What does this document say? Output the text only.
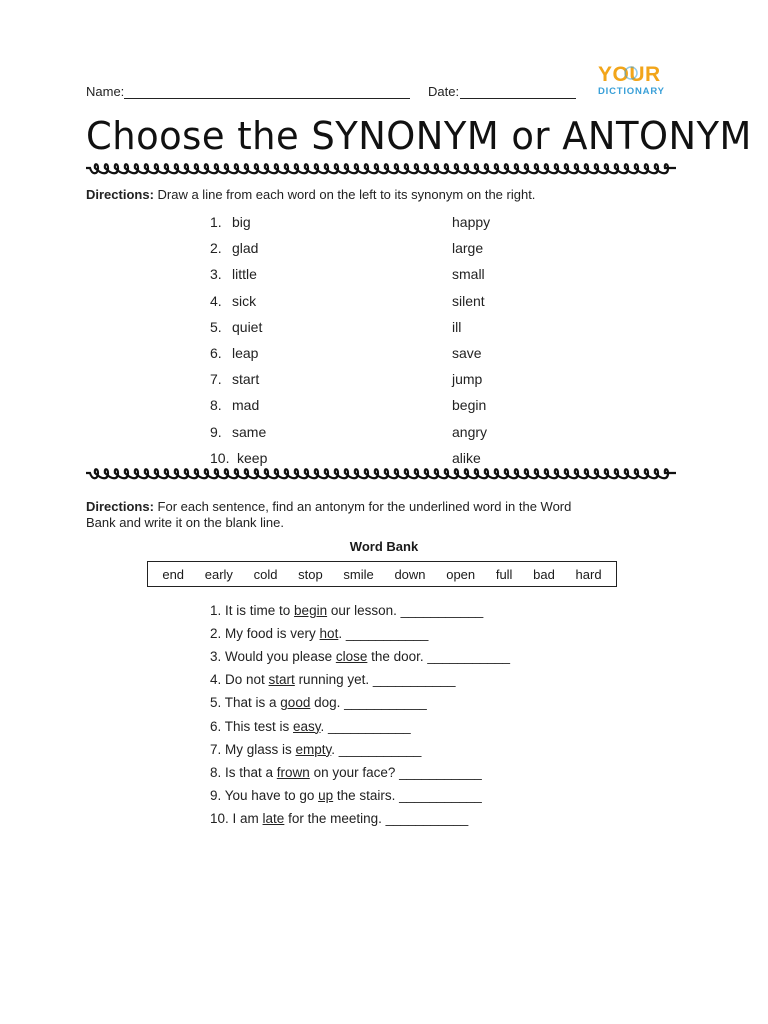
Name:	Date:
YOUR
DICTIONARY
Choose the SYNONYM or ANTONYM
Directions: Draw a line from each word on the left to its synonym on the right.
1. big	happy
2. glad	large
3. little	small
4. sick	silent
5. quiet	ill
6. leap	save
7. start	jump
8. mad	begin
9. same	angry
10. keep	alike
Directions: For each sentence, find an antonym for the underlined word in the Word
Bank and write it on the blank line.
Word Bank
end early cold stop smile down open full bad hard
1. It is time to begin our lesson. ___________
2. My food is very hot. ___________
3. Would you please close the door. ___________
4. Do not start running yet. ___________
5. That is a good dog. ___________
6. This test is easy. ___________
7. My glass is empty. ___________
8. Is that a frown on your face? ___________
9. You have to go up the stairs. ___________
10. I am late for the meeting. ___________
